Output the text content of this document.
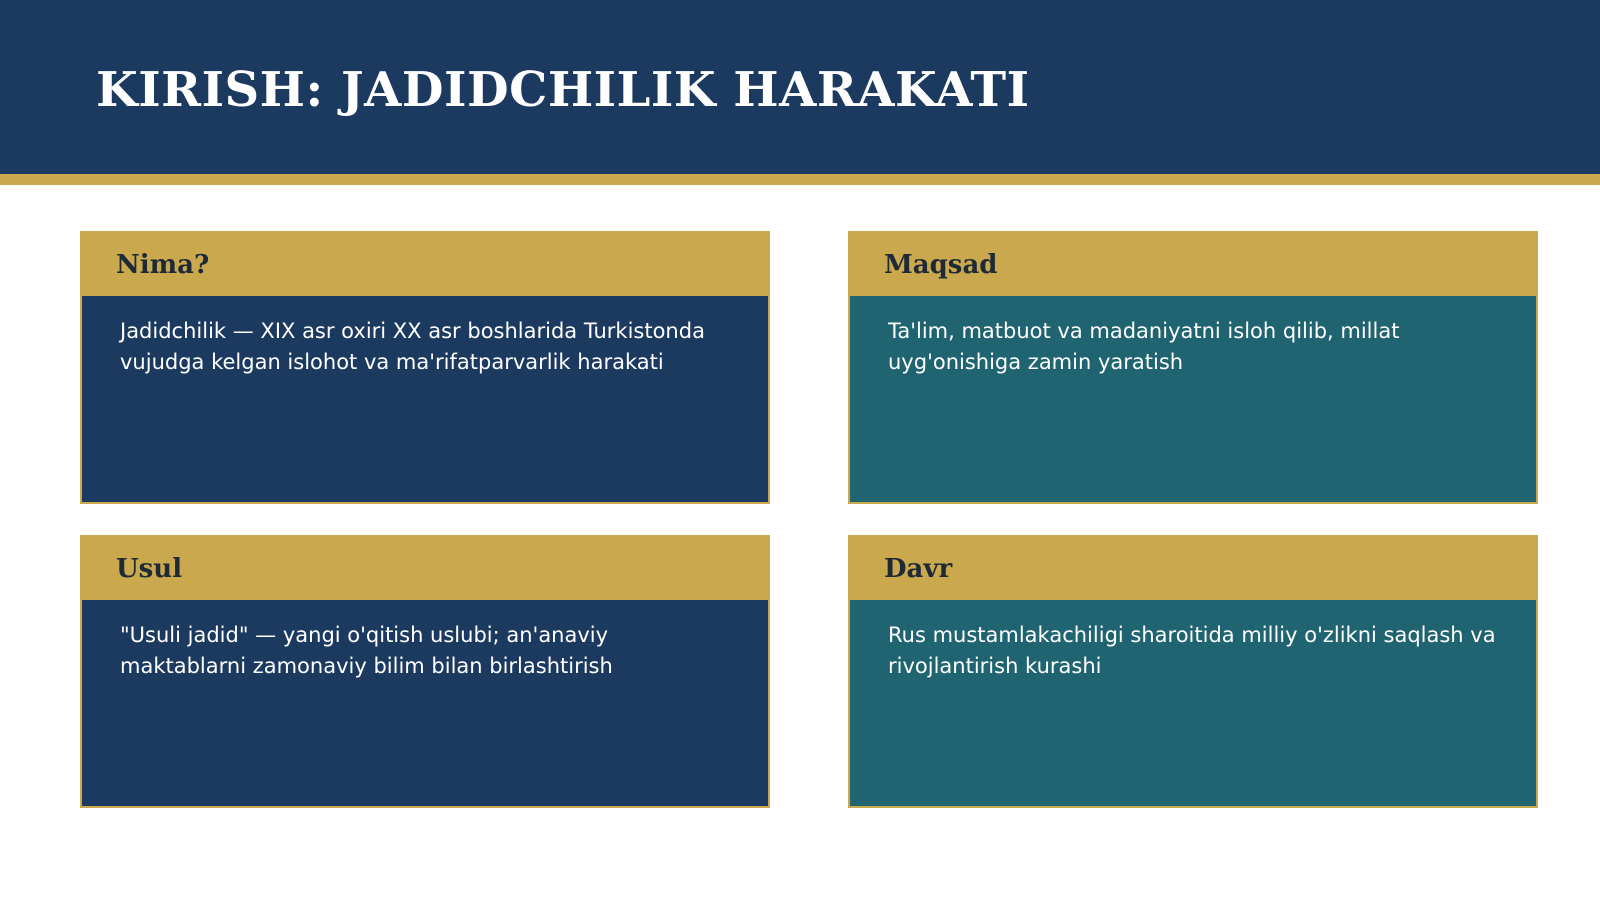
KIRISH: JADIDCHILIK HARAKATI
Nima?

Jadidchilik — XIX asr oxiri XX asr boshlarida Turkistonda vujudga kelgan islohot va ma'rifatparvarlik harakati

Maqsad

Ta'lim, matbuot va madaniyatni isloh qilib, millat uyg'onishiga zamin yaratish

Usul

"Usuli jadid" — yangi o'qitish uslubi; an'anaviy maktablarni zamonaviy bilim bilan birlashtirish

Davr

Rus mustamlakachiligi sharoitida milliy o'zlikni saqlash va rivojlantirish kurashi
